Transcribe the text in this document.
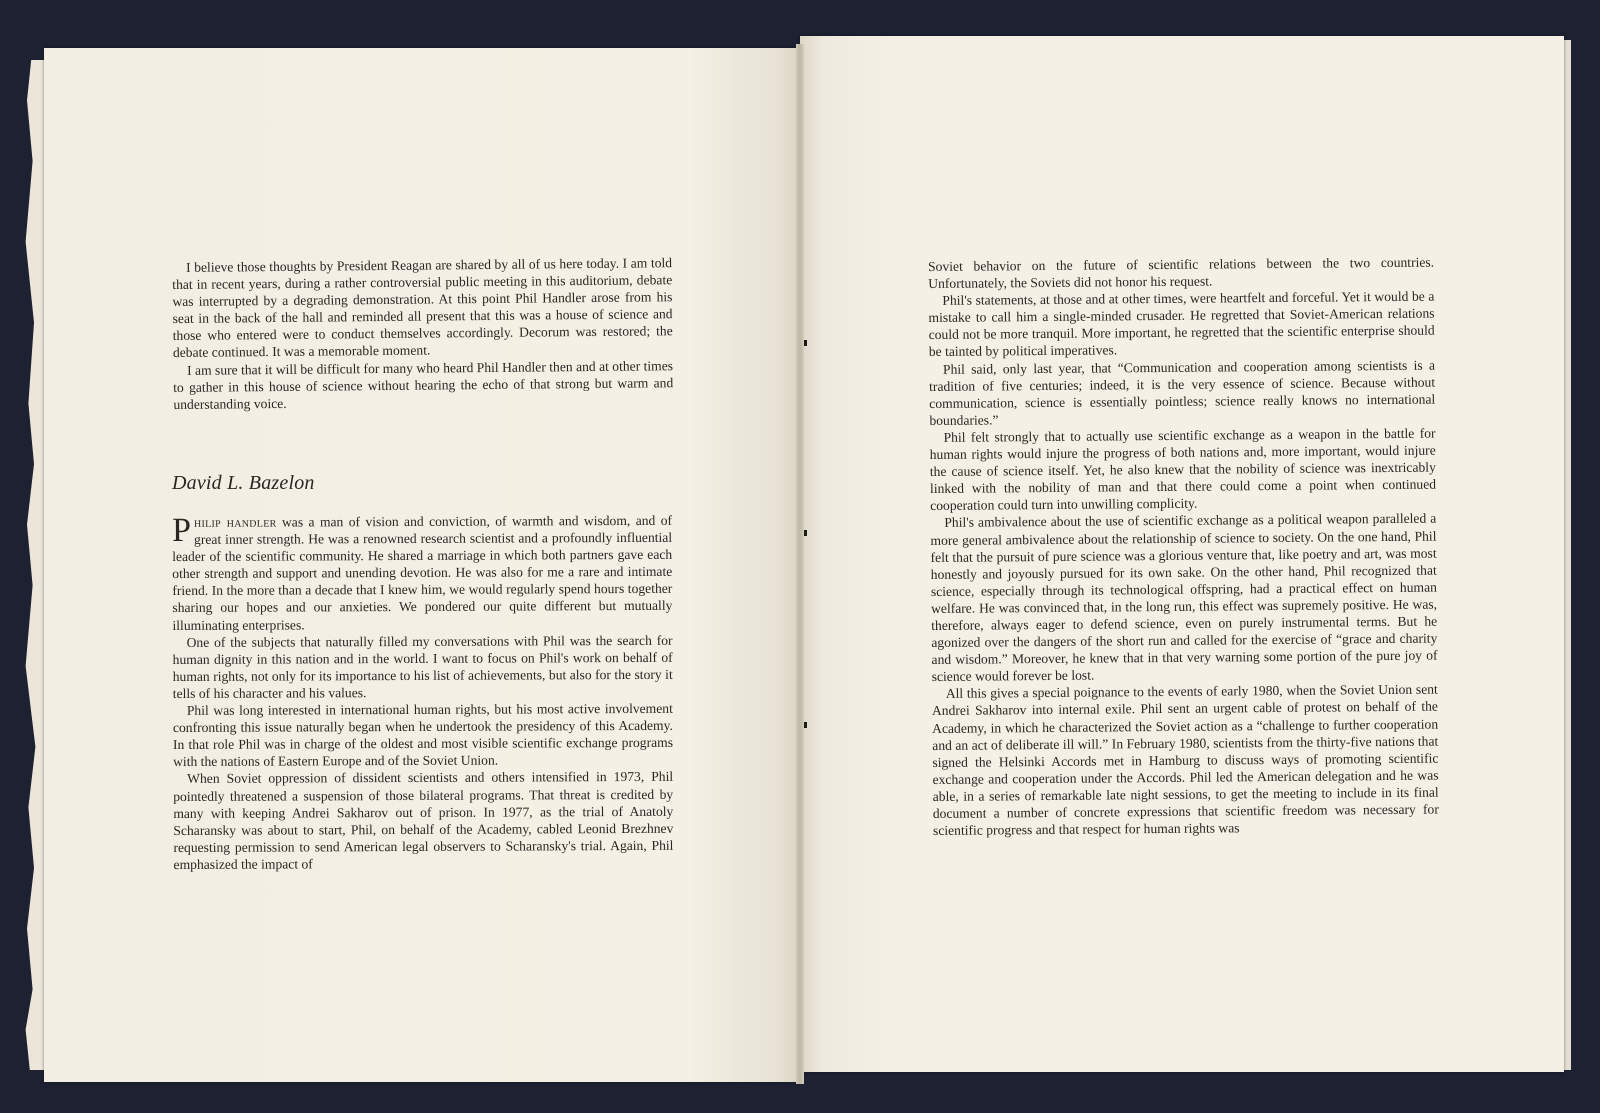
I believe those thoughts by President Reagan are shared by all of us here today. I am told that in recent years, during a rather controversial public meeting in this auditorium, debate was interrupted by a degrading demonstration. At this point Phil Handler arose from his seat in the back of the hall and reminded all present that this was a house of science and those who entered were to conduct themselves accordingly. Decorum was restored; the debate continued. It was a memorable moment.

I am sure that it will be difficult for many who heard Phil Handler then and at other times to gather in this house of science without hearing the echo of that strong but warm and understanding voice.

David L. Bazelon

Philip handler was a man of vision and conviction, of warmth and wisdom, and of great inner strength. He was a renowned research scientist and a profoundly influential leader of the scientific community. He shared a marriage in which both partners gave each other strength and support and unending devotion. He was also for me a rare and intimate friend. In the more than a decade that I knew him, we would regularly spend hours together sharing our hopes and our anxieties. We pondered our quite different but mutually illuminating enterprises.

One of the subjects that naturally filled my conversations with Phil was the search for human dignity in this nation and in the world. I want to focus on Phil's work on behalf of human rights, not only for its importance to his list of achievements, but also for the story it tells of his character and his values.

Phil was long interested in international human rights, but his most active involvement confronting this issue naturally began when he undertook the presidency of this Academy. In that role Phil was in charge of the oldest and most visible scientific exchange programs with the nations of Eastern Europe and of the Soviet Union.

When Soviet oppression of dissident scientists and others intensified in 1973, Phil pointedly threatened a suspension of those bilateral programs. That threat is credited by many with keeping Andrei Sakharov out of prison. In 1977, as the trial of Anatoly Scharansky was about to start, Phil, on behalf of the Academy, cabled Leonid Brezhnev requesting permission to send American legal observers to Scharansky's trial. Again, Phil emphasized the impact of

Soviet behavior on the future of scientific relations between the two countries. Unfortunately, the Soviets did not honor his request.

Phil's statements, at those and at other times, were heartfelt and forceful. Yet it would be a mistake to call him a single-minded crusader. He regretted that Soviet-American relations could not be more tranquil. More important, he regretted that the scientific enterprise should be tainted by political imperatives.

Phil said, only last year, that “Communication and cooperation among scientists is a tradition of five centuries; indeed, it is the very essence of science. Because without communication, science is essentially pointless; science really knows no international boundaries.”

Phil felt strongly that to actually use scientific exchange as a weapon in the battle for human rights would injure the progress of both nations and, more important, would injure the cause of science itself. Yet, he also knew that the nobility of science was inextricably linked with the nobility of man and that there could come a point when continued cooperation could turn into unwilling complicity.

Phil's ambivalence about the use of scientific exchange as a political weapon paralleled a more general ambivalence about the relationship of science to society. On the one hand, Phil felt that the pursuit of pure science was a glorious venture that, like poetry and art, was most honestly and joyously pursued for its own sake. On the other hand, Phil recognized that science, especially through its technological offspring, had a practical effect on human welfare. He was convinced that, in the long run, this effect was supremely positive. He was, therefore, always eager to defend science, even on purely instrumental terms. But he agonized over the dangers of the short run and called for the exercise of “grace and charity and wisdom.” Moreover, he knew that in that very warning some portion of the pure joy of science would forever be lost.

All this gives a special poignance to the events of early 1980, when the Soviet Union sent Andrei Sakharov into internal exile. Phil sent an urgent cable of protest on behalf of the Academy, in which he characterized the Soviet action as a “challenge to further cooperation and an act of deliberate ill will.” In February 1980, scientists from the thirty-five nations that signed the Helsinki Accords met in Hamburg to discuss ways of promoting scientific exchange and cooperation under the Accords. Phil led the American delegation and he was able, in a series of remarkable late night sessions, to get the meeting to include in its final document a number of concrete expressions that scientific freedom was necessary for scientific progress and that respect for human rights was
